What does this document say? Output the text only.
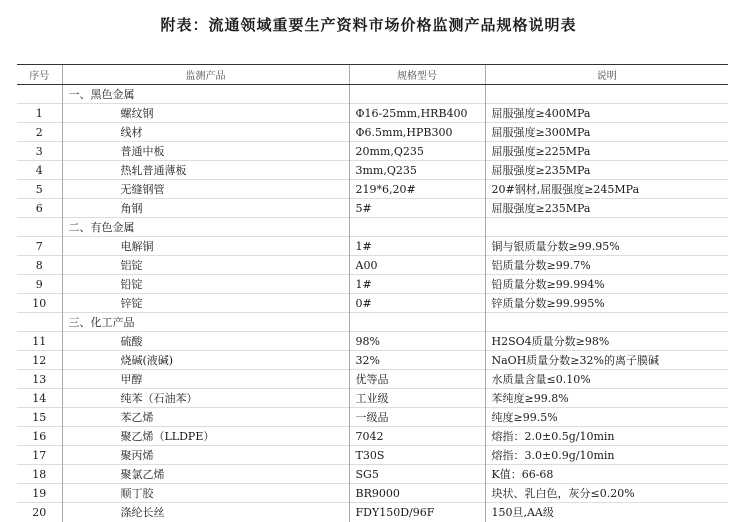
附表：流通领域重要生产资料市场价格监测产品规格说明表
序号	监测产品	规格型号	说明
	一、黑色金属		
1	螺纹钢	Φ16-25mm,HRB400	屈服强度≥400MPa
2	线材	Φ6.5mm,HPB300	屈服强度≥300MPa
3	普通中板	20mm,Q235	屈服强度≥225MPa
4	热轧普通薄板	3mm,Q235	屈服强度≥235MPa
5	无缝钢管	219*6,20#	20#钢材,屈服强度≥245MPa
6	角钢	5#	屈服强度≥235MPa
	二、有色金属		
7	电解铜	1#	铜与银质量分数≥99.95%
8	铝锭	A00	铝质量分数≥99.7%
9	铅锭	1#	铅质量分数≥99.994%
10	锌锭	0#	锌质量分数≥99.995%
	三、化工产品		
11	硫酸	98%	H2SO4质量分数≥98%
12	烧碱(液碱)	32%	NaOH质量分数≥32%的离子膜碱
13	甲醇	优等品	水质量含量≤0.10%
14	纯苯（石油苯）	工业级	苯纯度≥99.8%
15	苯乙烯	一级品	纯度≥99.5%
16	聚乙烯（LLDPE）	7042	熔指：2.0±0.5g/10min
17	聚丙烯	T30S	熔指：3.0±0.9g/10min
18	聚氯乙烯	SG5	K值：66-68
19	顺丁胶	BR9000	块状、乳白色，灰分≤0.20%
20	涤纶长丝	FDY150D/96F	150旦,AA级
